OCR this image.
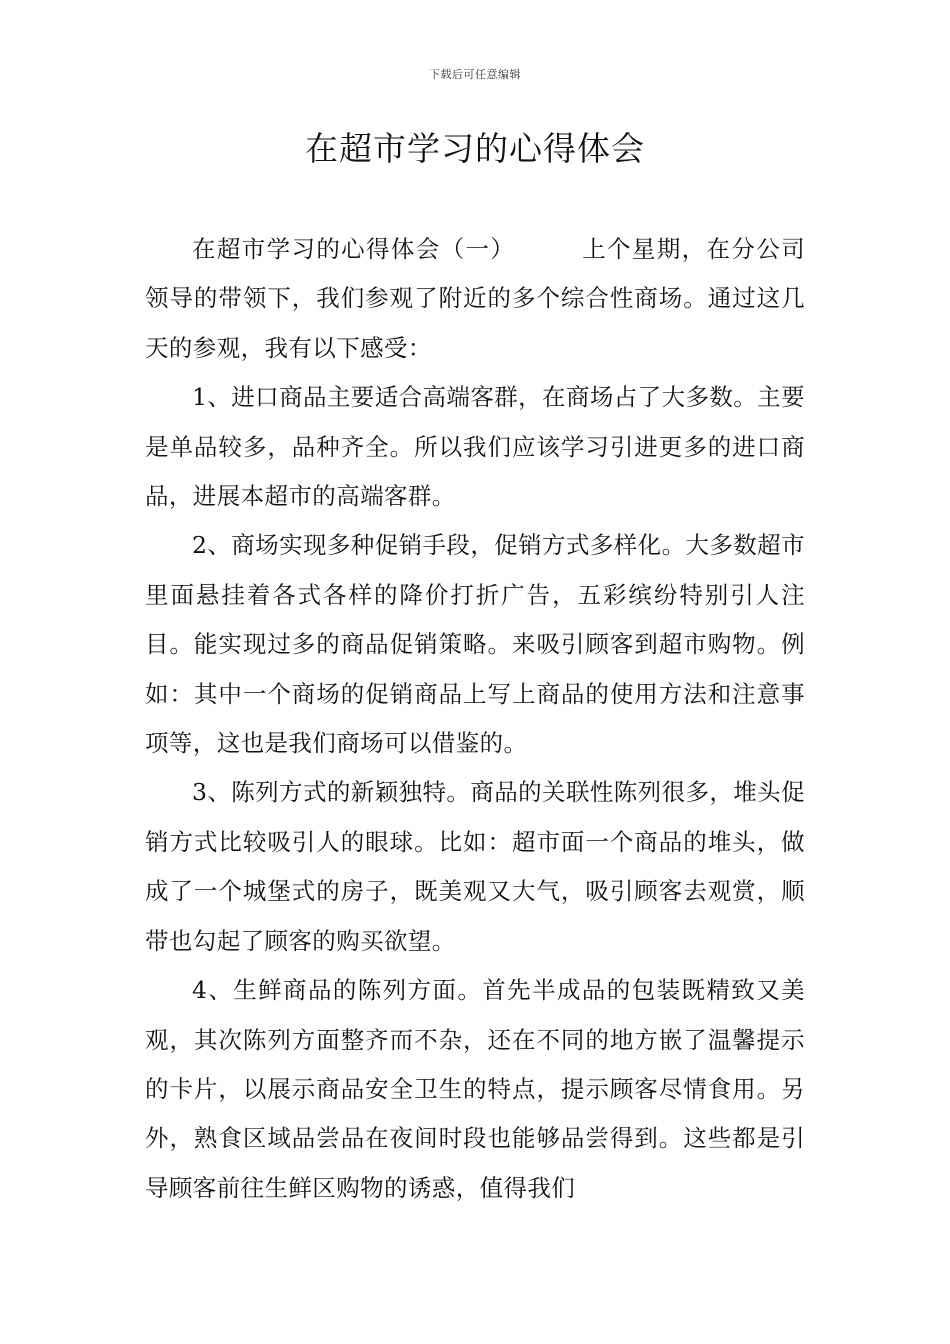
下载后可任意编辑
在超市学习的心得体会

在超市学习的心得体会（一）	上个星期，在分公司领导的带领下，我们参观了附近的多个综合性商场。通过这几天的参观，我有以下感受：

1、进口商品主要适合高端客群，在商场占了大多数。主要是单品较多，品种齐全。所以我们应该学习引进更多的进口商品，进展本超市的高端客群。

2、商场实现多种促销手段，促销方式多样化。大多数超市里面悬挂着各式各样的降价打折广告，五彩缤纷特别引人注目。能实现过多的商品促销策略。来吸引顾客到超市购物。例如：其中一个商场的促销商品上写上商品的使用方法和注意事项等，这也是我们商场可以借鉴的。

3、陈列方式的新颖独特。商品的关联性陈列很多，堆头促销方式比较吸引人的眼球。比如：超市面一个商品的堆头，做成了一个城堡式的房子，既美观又大气，吸引顾客去观赏，顺带也勾起了顾客的购买欲望。

4、生鲜商品的陈列方面。首先半成品的包装既精致又美观，其次陈列方面整齐而不杂，还在不同的地方嵌了温馨提示的卡片，以展示商品安全卫生的特点，提示顾客尽情食用。另外，熟食区域品尝品在夜间时段也能够品尝得到。这些都是引导顾客前往生鲜区购物的诱惑，值得我们
